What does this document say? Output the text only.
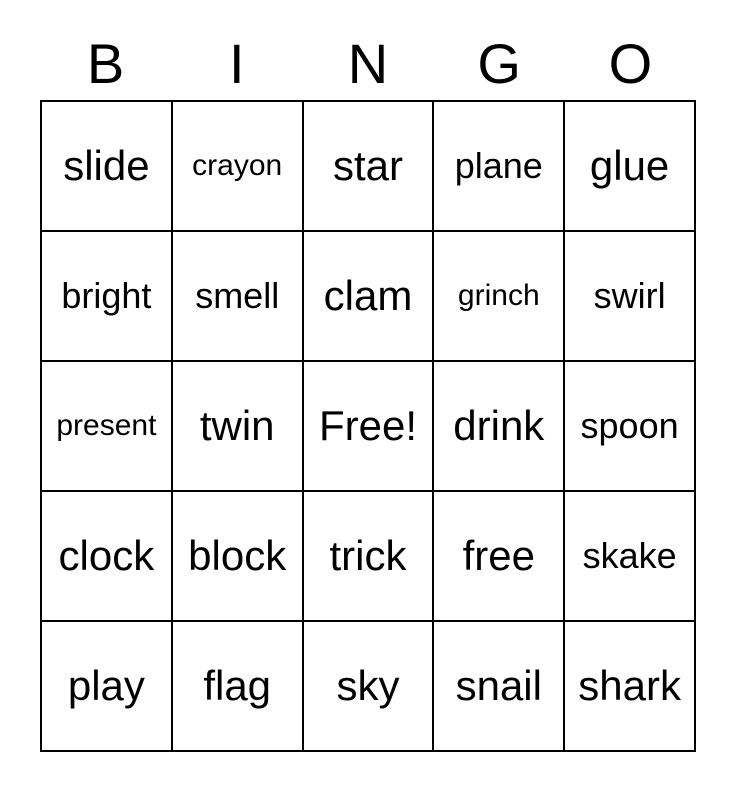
B	I	N	G	O
slide crayon star plane glue
bright smell clam grinch swirl
present twin Free! drink spoon
clock block trick free skake
play flag sky snail shark
